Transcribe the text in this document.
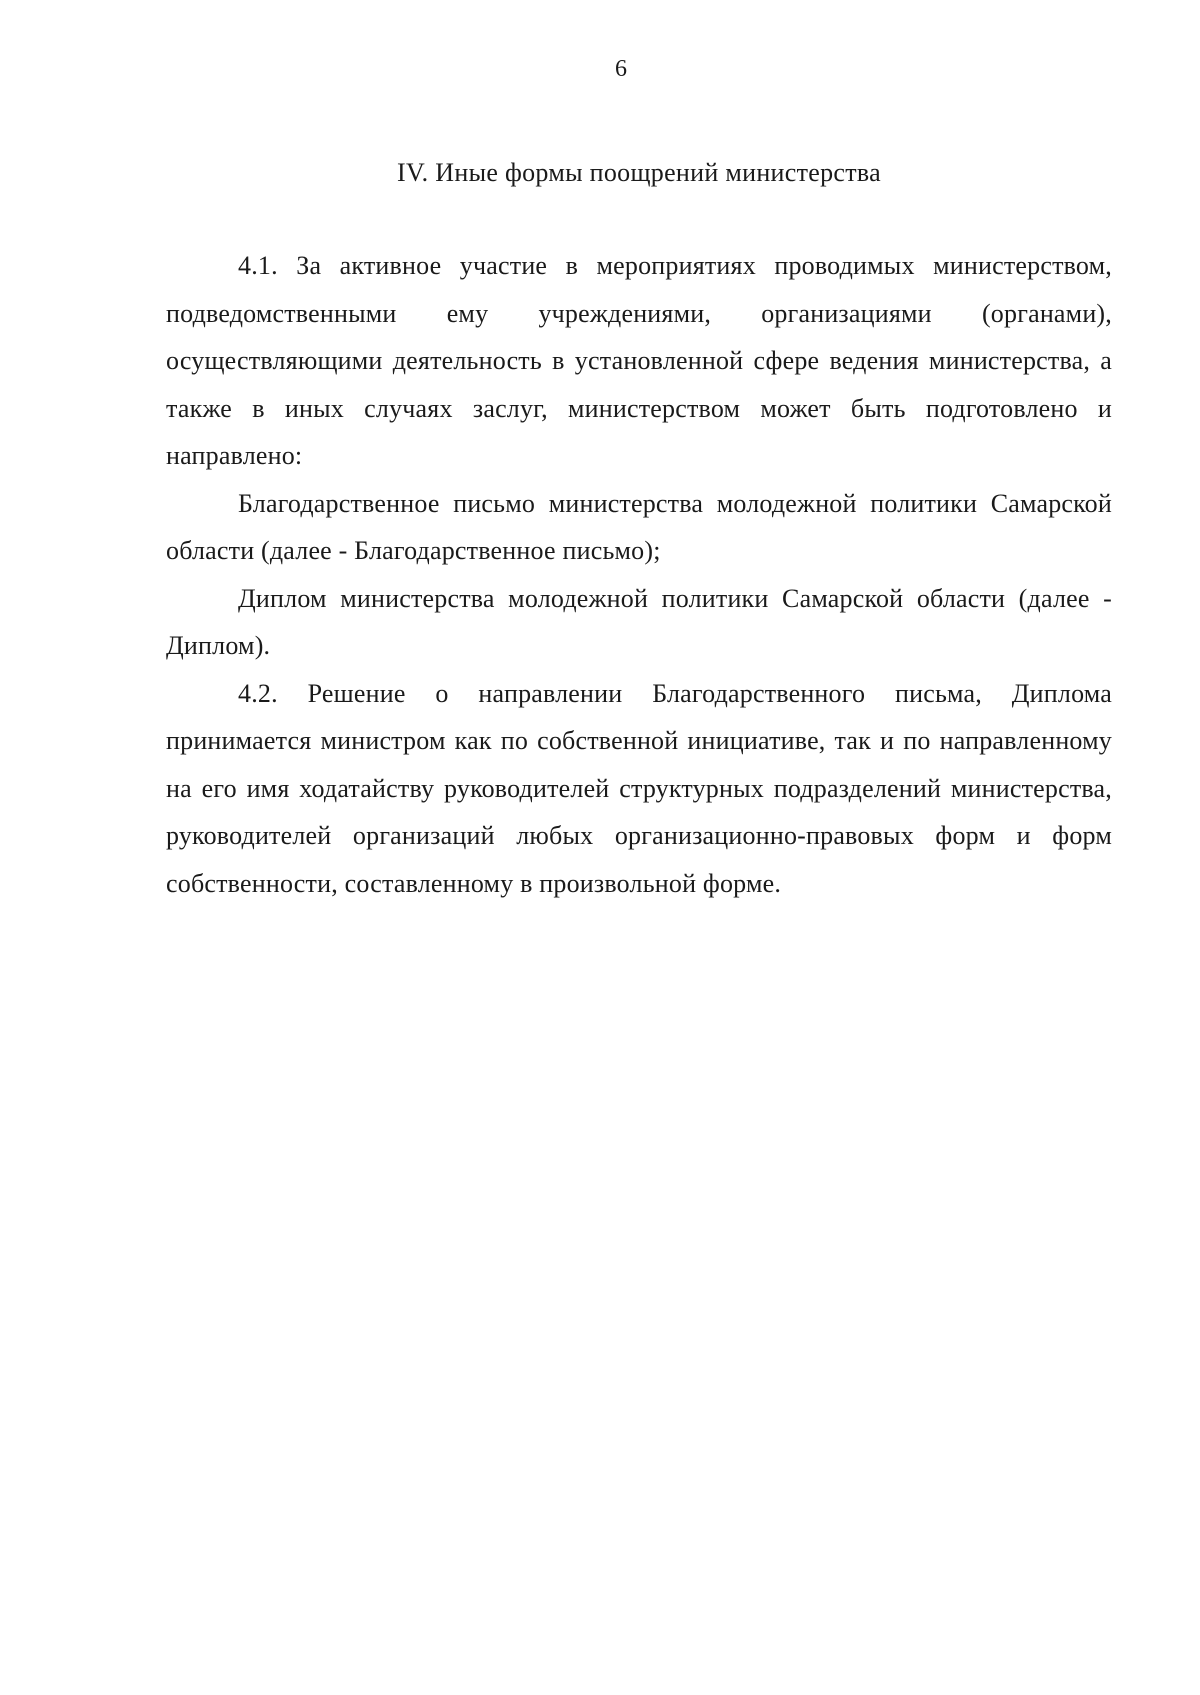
6
IV. Иные формы поощрений министерства

4.1. За активное участие в мероприятиях проводимых министерством, подведомственными ему учреждениями, организациями (органами), осуществляющими деятельность в установленной сфере ведения министерства, а также в иных случаях заслуг, министерством может быть подготовлено и направлено:

Благодарственное письмо министерства молодежной политики Самарской области (далее - Благодарственное письмо);

Диплом министерства молодежной политики Самарской области (далее - Диплом).

4.2. Решение о направлении Благодарственного письма, Диплома принимается министром как по собственной инициативе, так и по направленному на его имя ходатайству руководителей структурных подразделений министерства, руководителей организаций любых организационно-правовых форм и форм собственности, составленному в произвольной форме.
